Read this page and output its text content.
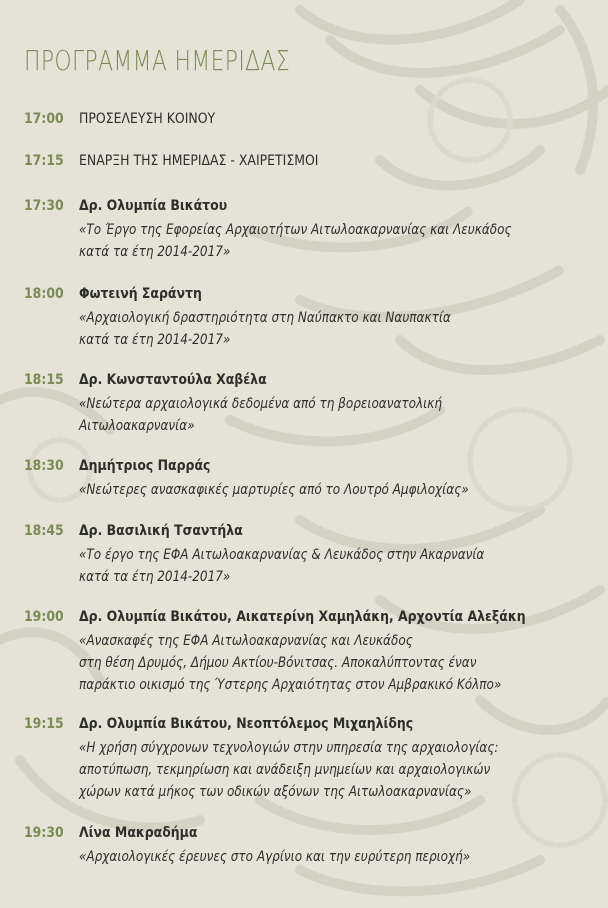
ΠΡΟΓΡΑΜΜΑ ΗΜΕΡΙΔΑΣ
17:00 ΠΡΟΣΕΛΕΥΣΗ ΚΟΙΝΟΥ
17:15 ΕΝΑΡΞΗ ΤΗΣ ΗΜΕΡΙΔΑΣ - ΧΑΙΡΕΤΙΣΜΟΙ
17:30 Δρ. Ολυμπία Βικάτου
«Το Έργο της Εφορείας Αρχαιοτήτων Αιτωλοακαρνανίας και Λευκάδος
κατά τα έτη 2014-2017»
18:00 Φωτεινή Σαράντη
«Αρχαιολογική δραστηριότητα στη Ναύπακτο και Ναυπακτία
κατά τα έτη 2014-2017»
18:15 Δρ. Κωνσταντούλα Χαβέλα
«Νεώτερα αρχαιολογικά δεδομένα από τη βορειοανατολική
Αιτωλοακαρνανία»
18:30 Δημήτριος Παρράς
«Νεώτερες ανασκαφικές μαρτυρίες από το Λουτρό Αμφιλοχίας»
18:45 Δρ. Βασιλική Τσαντήλα
«Το έργο της ΕΦΑ Αιτωλοακαρνανίας & Λευκάδος στην Ακαρνανία
κατά τα έτη 2014-2017»
19:00 Δρ. Ολυμπία Βικάτου, Αικατερίνη Χαμηλάκη, Αρχοντία Αλεξάκη
«Ανασκαφές της ΕΦΑ Αιτωλοακαρνανίας και Λευκάδος
στη θέση Δρυμός, Δήμου Ακτίου-Βόνιτσας. Αποκαλύπτοντας έναν
παράκτιο οικισμό της Ύστερης Αρχαιότητας στον Αμβρακικό Κόλπο»
19:15 Δρ. Ολυμπία Βικάτου, Νεοπτόλεμος Μιχαηλίδης
«Η χρήση σύγχρονων τεχνολογιών στην υπηρεσία της αρχαιολογίας:
αποτύπωση, τεκμηρίωση και ανάδειξη μνημείων και αρχαιολογικών
χώρων κατά μήκος των οδικών αξόνων της Αιτωλοακαρνανίας»
19:30 Λίνα Μακραδήμα
«Αρχαιολογικές έρευνες στο Αγρίνιο και την ευρύτερη περιοχή»
